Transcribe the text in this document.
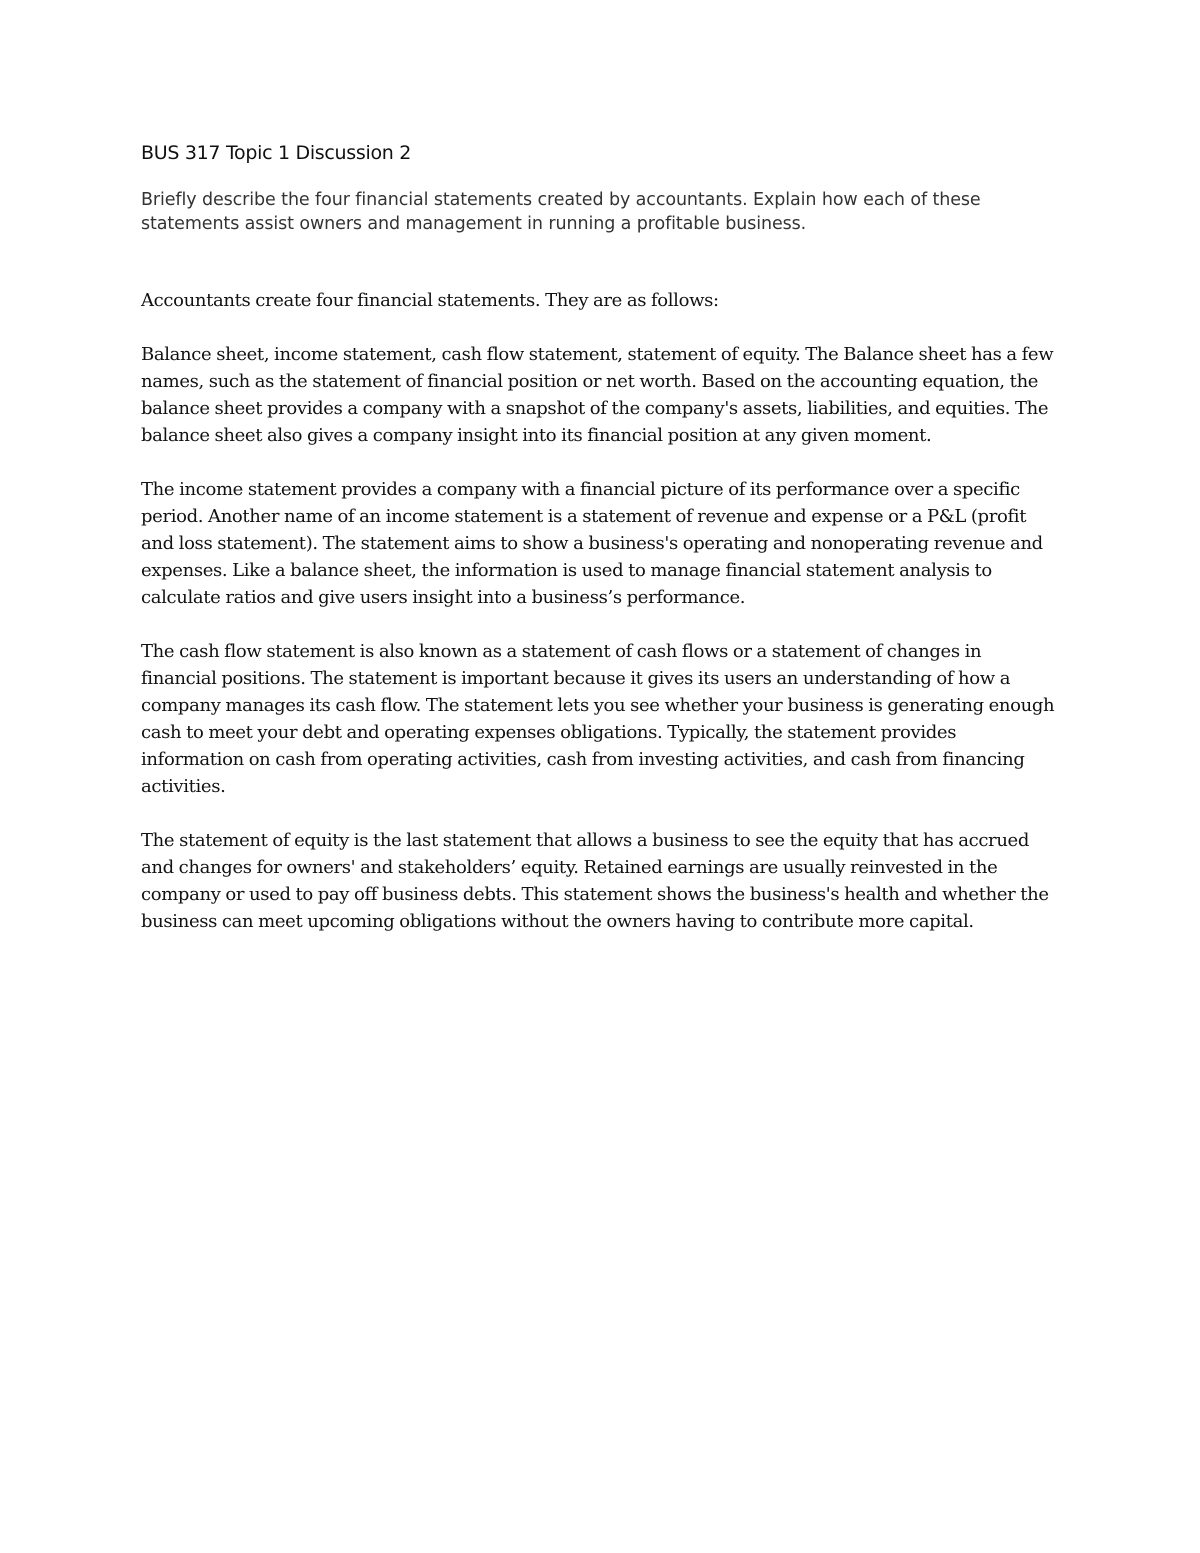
BUS 317 Topic 1 Discussion 2
Briefly describe the four financial statements created by accountants. Explain how each of these statements assist owners and management in running a profitable business.

Accountants create four financial statements. They are as follows:

Balance sheet, income statement, cash flow statement, statement of equity. The Balance sheet has a few names, such as the statement of financial position or net worth. Based on the accounting equation, the balance sheet provides a company with a snapshot of the company's assets, liabilities, and equities. The balance sheet also gives a company insight into its financial position at any given moment.

The income statement provides a company with a financial picture of its performance over a specific period. Another name of an income statement is a statement of revenue and expense or a P&L (profit and loss statement). The statement aims to show a business's operating and nonoperating revenue and expenses. Like a balance sheet, the information is used to manage financial statement analysis to calculate ratios and give users insight into a business’s performance.

The cash flow statement is also known as a statement of cash flows or a statement of changes in financial positions. The statement is important because it gives its users an understanding of how a company manages its cash flow. The statement lets you see whether your business is generating enough cash to meet your debt and operating expenses obligations. Typically, the statement provides information on cash from operating activities, cash from investing activities, and cash from financing activities.

The statement of equity is the last statement that allows a business to see the equity that has accrued and changes for owners' and stakeholders’ equity. Retained earnings are usually reinvested in the company or used to pay off business debts. This statement shows the business's health and whether the business can meet upcoming obligations without the owners having to contribute more capital.
